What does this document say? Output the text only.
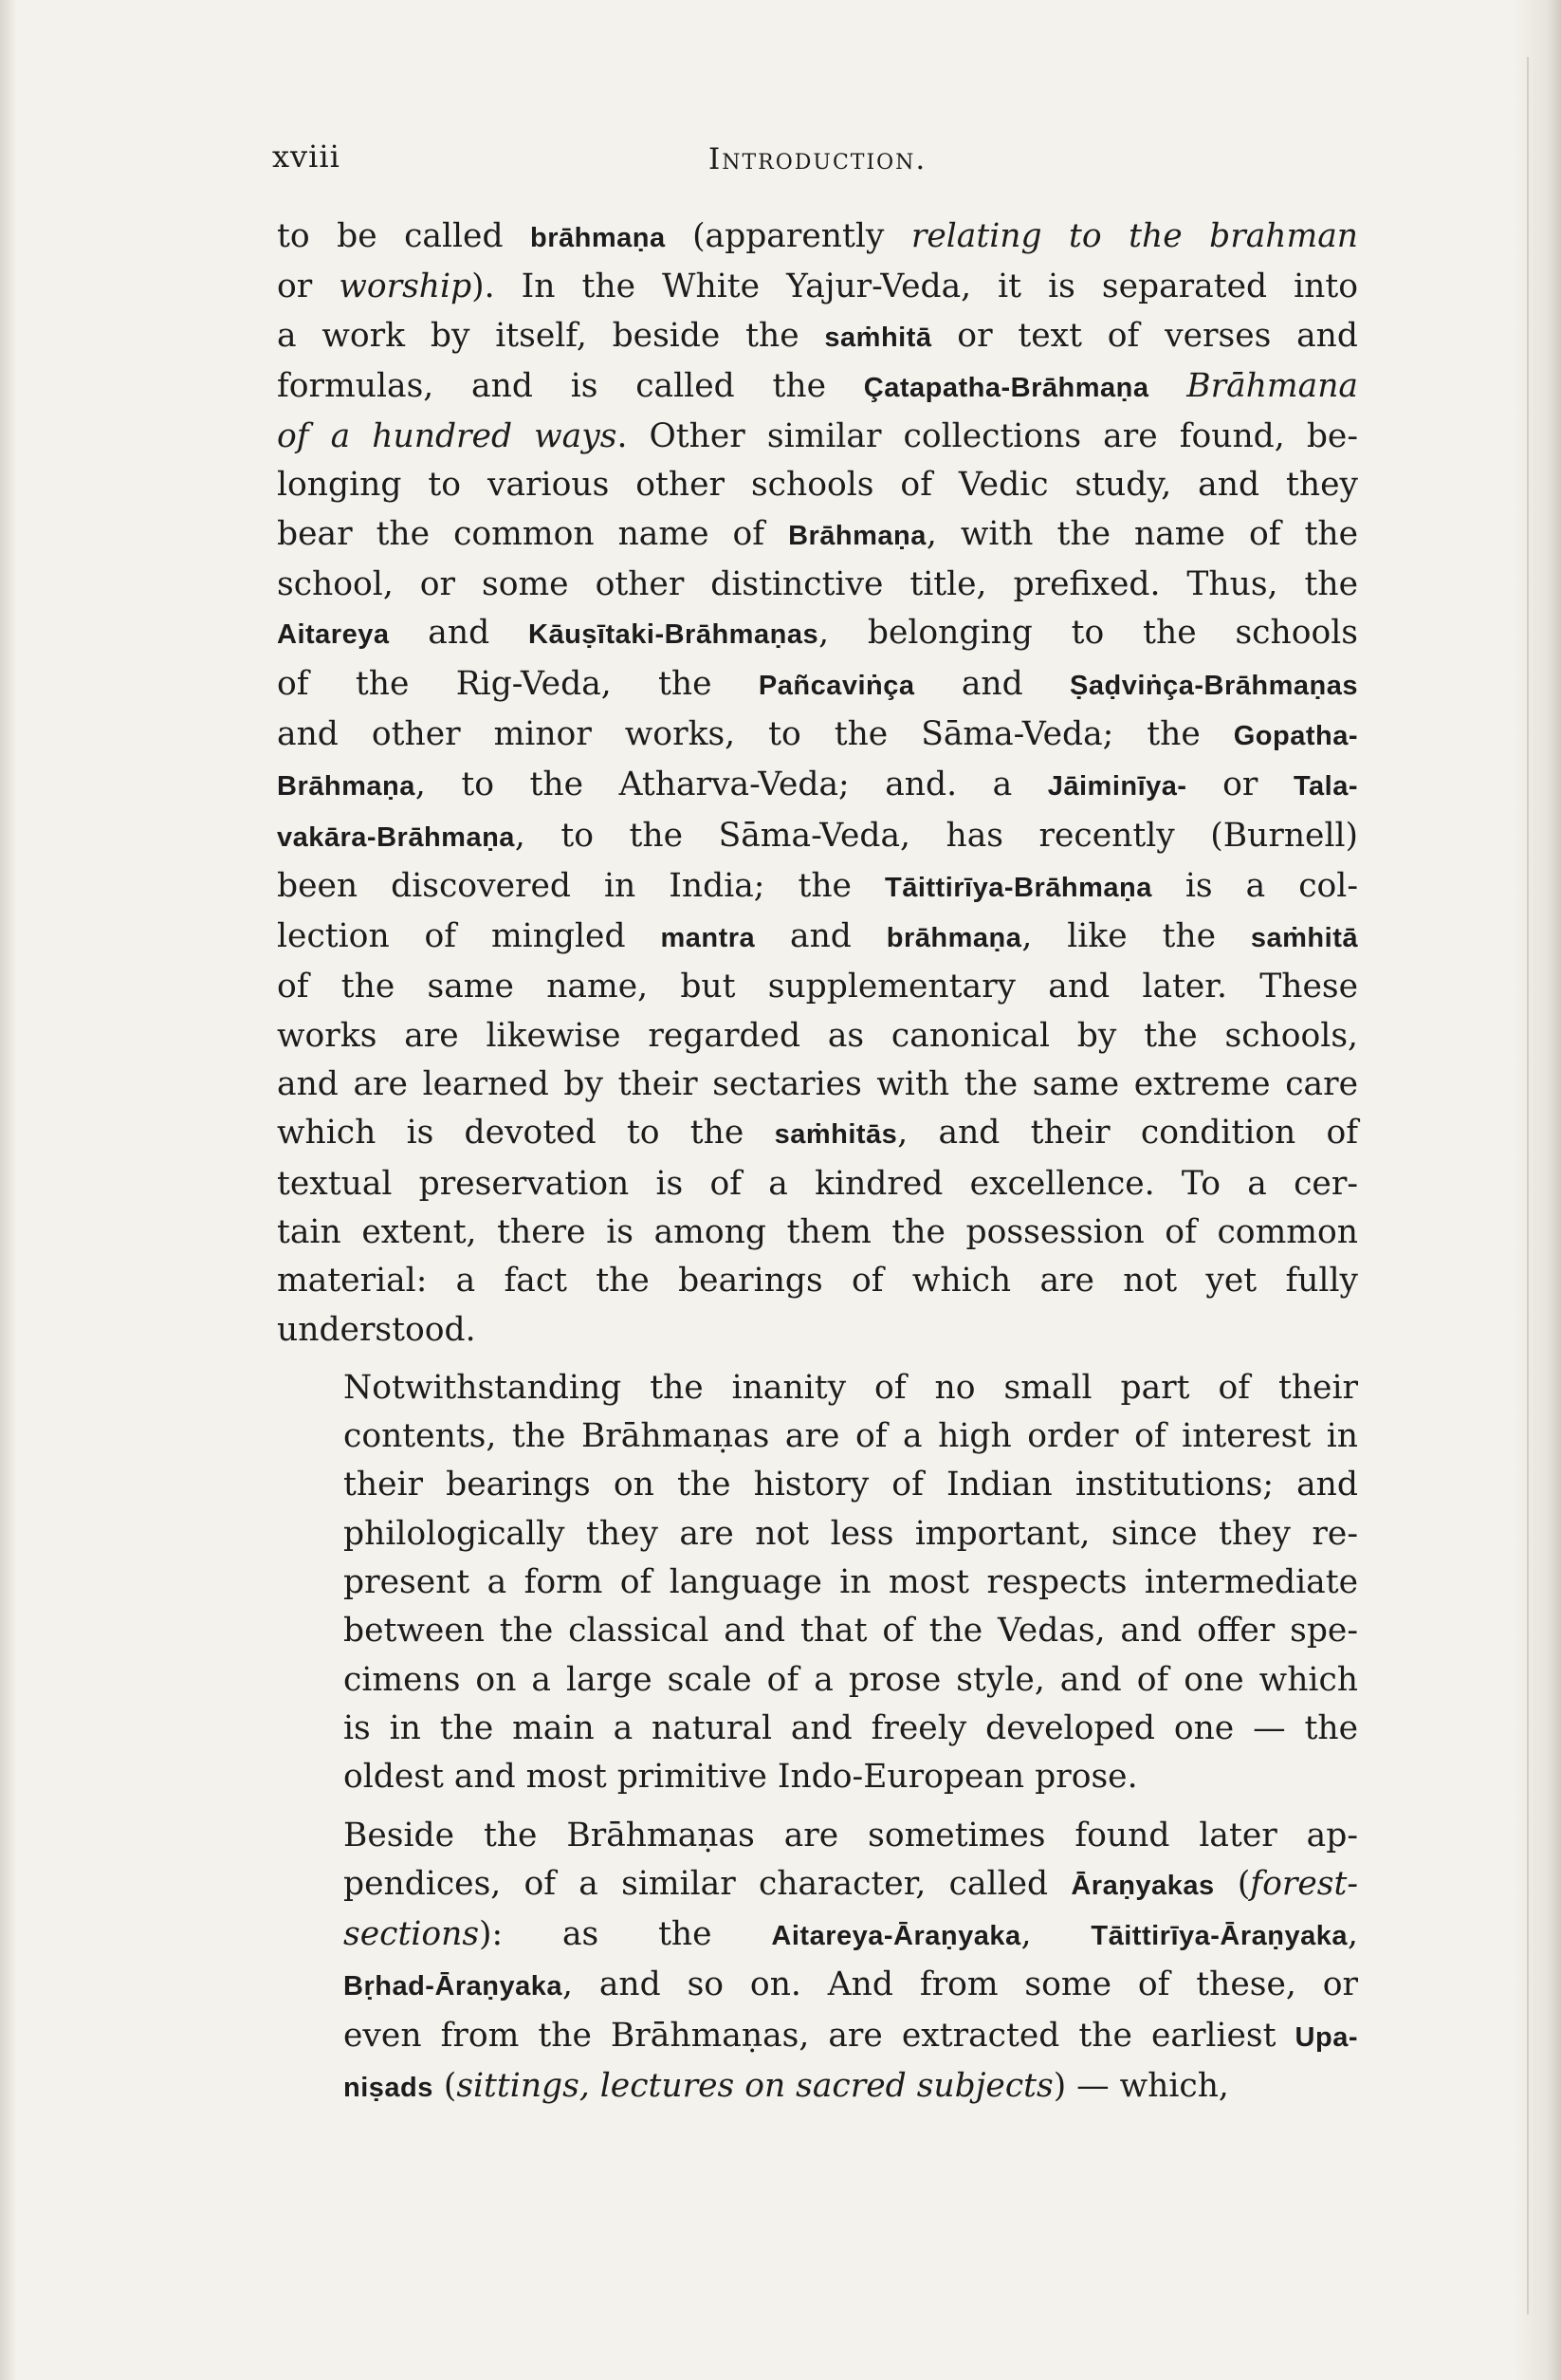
xviii	Introduction.

to be called brāhmaṇa (apparently relating to the brahman
or worship). In the White Yajur-Veda, it is separated into
a work by itself, beside the saṁhitā or text of verses and
formulas, and is called the Çatapatha-Brāhmaṇa Brāhmana
of a hundred ways. Other similar collections are found, be-
longing to various other schools of Vedic study, and they
bear the common name of Brāhmaṇa, with the name of the
school, or some other distinctive title, prefixed. Thus, the
Aitareya and Kāuṣītaki-Brāhmaṇas, belonging to the schools
of the Rig-Veda, the Pañcaviṅça and Ṣaḍviṅça-Brāhmaṇas
and other minor works, to the Sāma-Veda; the Gopatha-
Brāhmaṇa, to the Atharva-Veda; and. a Jāiminīya- or Tala-
vakāra-Brāhmaṇa, to the Sāma-Veda, has recently (Burnell)
been discovered in India; the Tāittirīya-Brāhmaṇa is a col-
lection of mingled mantra and brāhmaṇa, like the saṁhitā
of the same name, but supplementary and later. These
works are likewise regarded as canonical by the schools,
and are learned by their sectaries with the same extreme care
which is devoted to the saṁhitās, and their condition of
textual preservation is of a kindred excellence. To a cer-
tain extent, there is among them the possession of common
material: a fact the bearings of which are not yet fully
understood.

Notwithstanding the inanity of no small part of their
contents, the Brāhmaṇas are of a high order of interest in
their bearings on the history of Indian institutions; and
philologically they are not less important, since they re-
present a form of language in most respects intermediate
between the classical and that of the Vedas, and offer spe-
cimens on a large scale of a prose style, and of one which
is in the main a natural and freely developed one — the
oldest and most primitive Indo-European prose.

Beside the Brāhmaṇas are sometimes found later ap-
pendices, of a similar character, called Āraṇyakas (forest-
sections): as the Aitareya-Āraṇyaka, Tāittirīya-Āraṇyaka,
Bṛhad-Āraṇyaka, and so on. And from some of these, or
even from the Brāhmaṇas, are extracted the earliest Upa-
niṣads (sittings, lectures on sacred subjects) — which,
